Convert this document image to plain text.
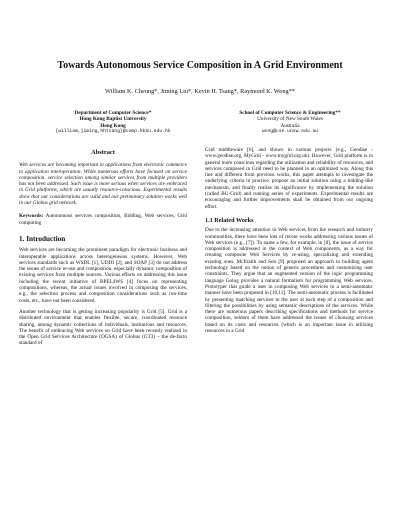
Towards Autonomous Service Composition in A Grid Environment
William K. Cheung*, Jiming Liu*, Kevin H. Tsang*, Raymond K. Wong**
Department of Computer Science*
Hong Kong Baptist University
Hong Kong
{william,jiming,hhtsang}@comp.hkbu.edu.hk
School of Computer Science & Engineering**
University of New South Wales
Australia
wong@cse.unsw.edu.au
Abstract

Web services are becoming important in applications from electronic commerce to application interoperation. While numerous efforts have focused on service composition, service selection among similar services from multiple providers has not been addressed. Such issue is more serious when services are embraced in Grid platforms, which are usually resource-conscious. Experimental results show that our considerations are valid and our preliminary solution works well in our Globus grid network.

Keywords: Autonomous services composition, Bidding, Web services, Grid computing

1. Introduction

Web services are becoming the prominent paradigm for electronic business and interoperable applications across heterogeneous systems. However, Web services standards such as WSDL [1], UDDI [2], and SOAP [3] do not address the issues of service re-use and composition, especially dynamic composition of existing services from multiple sources. Various efforts on addressing this issue including the recent initiative of BPEL4WS [4] focus on representing compositions, whereas, the actual issues involved in composing the services, e.g., the selection process and composition considerations such as run-time costs, etc., have not been considered.

Another technology that is getting increasing popularity is Grid [5]. Grid is a distributed environment that enables flexible, secure, coordinated resource sharing, among dynamic collections of individuals, institutions and resources. The benefit of embracing Web services on Grid have been recently realized in the Open Grid Services Architecture (OGSA) of Globus (GT3) – the de-facto standard of

Grid middleware [6], and shown in various projects (e.g., Geodise - www.geodise.org, MyGrid - www.mygrid.org.uk). However, Grid platform is in general more conscious regarding the utilization and reliability of resources, and services composed in Grid need to be planned in an optimized way. Along this line and different from previous works, this paper attempts to investigate the underlying criteria in practice, propose an initial solution using a bidding-like mechanism, and finally realize its significance by implementing the solution (called BU-Grid) and running series of experiments. Experimental results are encouraging and further improvements shall be obtained from our ongoing effort.

1.1 Related Works

Due to the increasing attention to Web services from the research and industry communities, there have been lots of recent works addressing various issues of Web services (e.g., [7]). To name a few, for example, in [8], the issue of service composition is addressed in the context of Web components, as a way for creating composite Web Services by re-using, specializing and extending existing ones. McIlraith and Son [9] proposed an approach to building agent technology based on the notion of generic procedures and customizing user constraints. They argue that an augmented version of the logic programming language Golog provides a natural formalism for programming Web services. Prototyper that guide a user in composing Web services in a semi-automatic manner have been proposed in [10,11]. The semi-automatic process is facilitated by presenting matching services to the user at each step of a composition and filtering the possibilities by using semantic descriptions of the services. While there are numerous papers describing specifications and methods for service composition, seldom of them have addressed the issues of choosing services based on its costs and resources (which is an important issue in utilizing resources in a Grid
